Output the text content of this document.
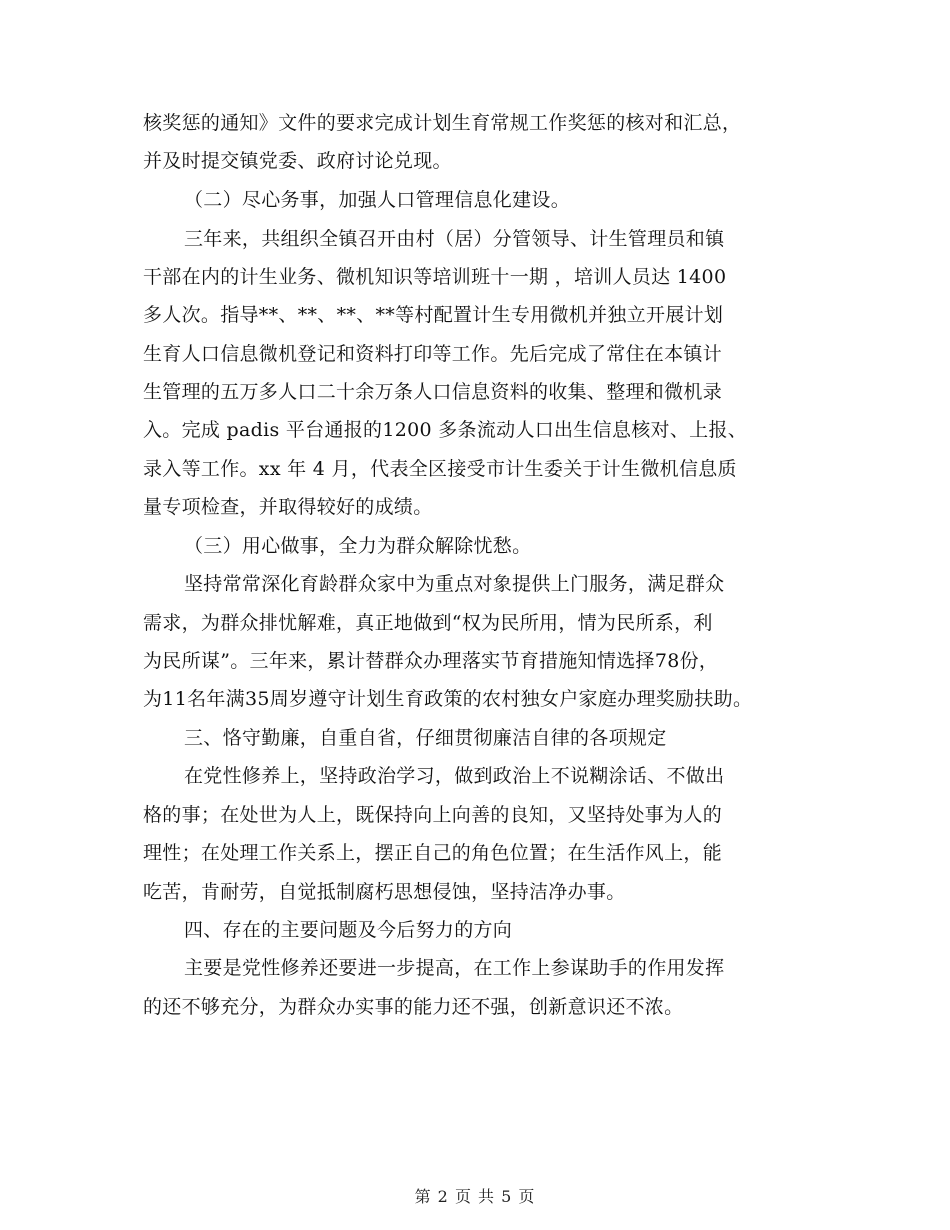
核奖惩的通知》文件的要求完成计划生育常规工作奖惩的核对和汇总，
并及时提交镇党委、政府讨论兑现。
（二）尽心务事，加强人口管理信息化建设。
三年来，共组织全镇召开由村（居）分管领导、计生管理员和镇
干部在内的计生业务、微机知识等培训班十一期 ，培训人员达 1400
多人次。指导**、**、**、**等村配置计生专用微机并独立开展计划
生育人口信息微机登记和资料打印等工作。先后完成了常住在本镇计
生管理的五万多人口二十余万条人口信息资料的收集、整理和微机录
入。完成 padis 平台通报的1200 多条流动人口出生信息核对、上报、
录入等工作。xx 年 4 月，代表全区接受市计生委关于计生微机信息质
量专项检查，并取得较好的成绩。
（三）用心做事，全力为群众解除忧愁。
坚持常常深化育龄群众家中为重点对象提供上门服务，满足群众
需求，为群众排忧解难，真正地做到“权为民所用，情为民所系，利
为民所谋”。三年来，累计替群众办理落实节育措施知情选择78份，
为11名年满35周岁遵守计划生育政策的农村独女户家庭办理奖励扶助。
三、恪守勤廉，自重自省，仔细贯彻廉洁自律的各项规定
在党性修养上，坚持政治学习，做到政治上不说糊涂话、不做出
格的事；在处世为人上，既保持向上向善的良知，又坚持处事为人的
理性；在处理工作关系上，摆正自己的角色位置；在生活作风上，能
吃苦，肯耐劳，自觉抵制腐朽思想侵蚀，坚持洁净办事。
四、存在的主要问题及今后努力的方向
主要是党性修养还要进一步提高，在工作上参谋助手的作用发挥
的还不够充分，为群众办实事的能力还不强，创新意识还不浓。
第 2 页 共 5 页
